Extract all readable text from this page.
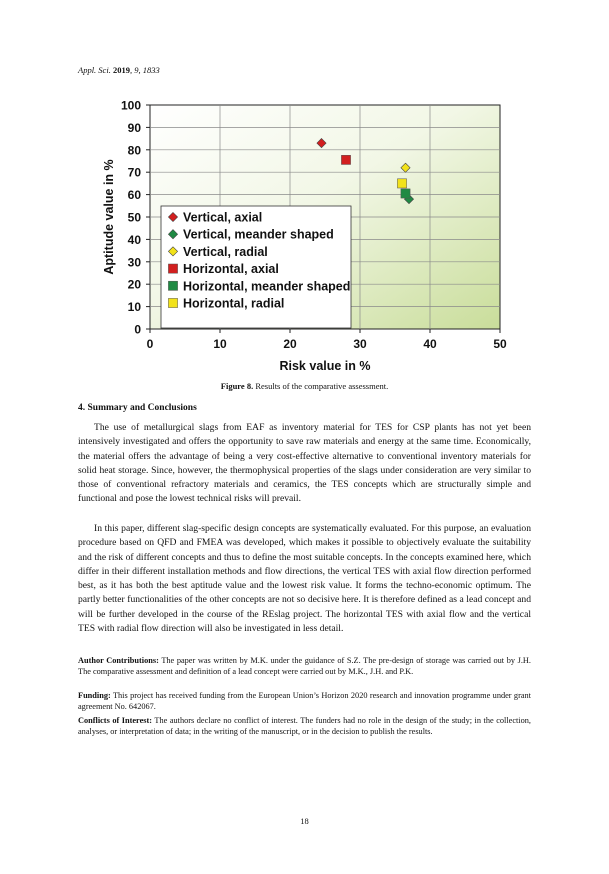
Appl. Sci. 2019, 9, 1833
0
10
20
30
40
50
60
70
80
90
100
0	10	20	30	40	50
Aptitude value in %
Risk value in %
Vertical, axial
Vertical, meander shaped
Vertical, radial
Horizontal, axial
Horizontal, meander shaped
Horizontal, radial
Figure 8. Results of the comparative assessment.
4. Summary and Conclusions
The use of metallurgical slags from EAF as inventory material for TES for CSP plants has not yet been intensively investigated and offers the opportunity to save raw materials and energy at the same time. Economically, the material offers the advantage of being a very cost-effective alternative to conventional inventory materials for solid heat storage. Since, however, the thermophysical properties of the slags under consideration are very similar to those of conventional refractory materials and ceramics, the TES concepts which are structurally simple and functional and pose the lowest technical risks will prevail.
In this paper, different slag-specific design concepts are systematically evaluated. For this purpose, an evaluation procedure based on QFD and FMEA was developed, which makes it possible to objectively evaluate the suitability and the risk of different concepts and thus to define the most suitable concepts. In the concepts examined here, which differ in their different installation methods and flow directions, the vertical TES with axial flow direction performed best, as it has both the best aptitude value and the lowest risk value. It forms the techno-economic optimum. The partly better functionalities of the other concepts are not so decisive here. It is therefore defined as a lead concept and will be further developed in the course of the REslag project. The horizontal TES with axial flow and the vertical TES with radial flow direction will also be investigated in less detail.
Author Contributions: The paper was written by M.K. under the guidance of S.Z. The pre-design of storage was carried out by J.H. The comparative assessment and definition of a lead concept were carried out by M.K., J.H. and P.K.
Funding: This project has received funding from the European Union’s Horizon 2020 research and innovation programme under grant agreement No. 642067.
Conflicts of Interest: The authors declare no conflict of interest. The funders had no role in the design of the study; in the collection, analyses, or interpretation of data; in the writing of the manuscript, or in the decision to publish the results.
18
